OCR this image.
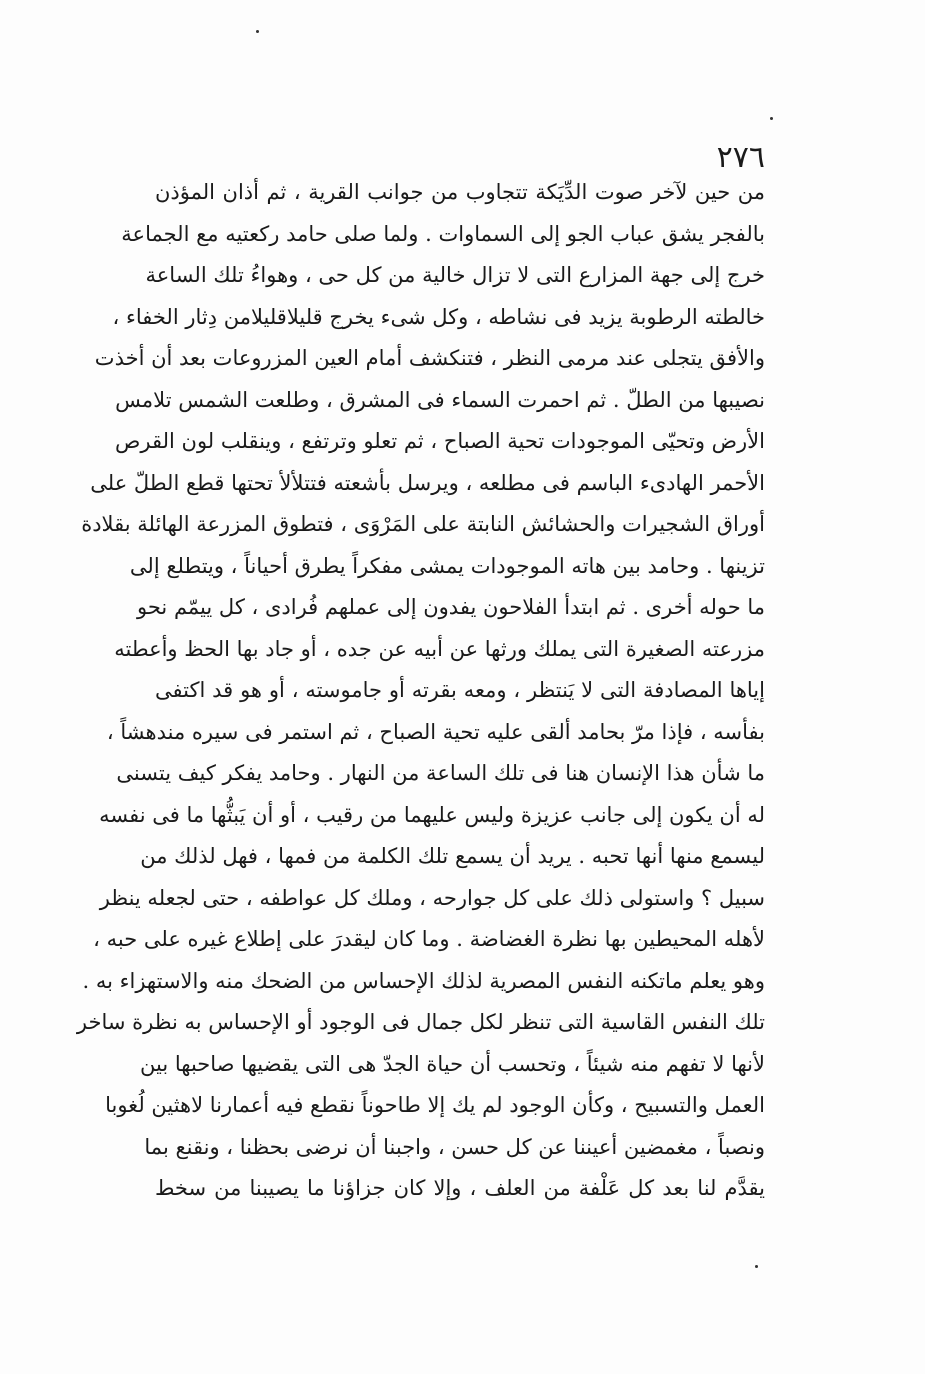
٢٧٦
من حين لآخر صوت الدِّيَكة تتجاوب من جوانب القرية ، ثم أذان المؤذن
بالفجر يشق عباب الجو إلى السماوات . ولما صلى حامد ركعتيه مع الجماعة
خرج إلى جهة المزارع التى لا تزال خالية من كل حى ، وهواءُ تلك الساعة
خالطته الرطوبة يزيد فى نشاطه ، وكل شىء يخرج قليلاقليلامن دِثار الخفاء ،
والأفق يتجلى عند مرمى النظر ، فتنكشف أمام العين المزروعات بعد أن أخذت
نصيبها من الطلّ . ثم احمرت السماء فى المشرق ، وطلعت الشمس تلامس
الأرض وتحيّى الموجودات تحية الصباح ، ثم تعلو وترتفع ، وينقلب لون القرص
الأحمر الهادىء الباسم فى مطلعه ، ويرسل بأشعته فتتلألأ تحتها قطع الطلّ على
أوراق الشجيرات والحشائش النابتة على المَرْوَى ، فتطوق المزرعة الهائلة بقلادة
تزينها . وحامد بين هاته الموجودات يمشى مفكراً يطرق أحياناً ، ويتطلع إلى
ما حوله أخرى . ثم ابتدأ الفلاحون يفدون إلى عملهم فُرادى ، كل ييمّم نحو
مزرعته الصغيرة التى يملك ورثها عن أبيه عن جده ، أو جاد بها الحظ وأعطته
إياها المصادفة التى لا يَنتظر ، ومعه بقرته أو جاموسته ، أو هو قد اكتفى
بفأسه ، فإذا مرّ بحامد ألقى عليه تحية الصباح ، ثم استمر فى سيره مندهشاً ،
ما شأن هذا الإنسان هنا فى تلك الساعة من النهار . وحامد يفكر كيف يتسنى
له أن يكون إلى جانب عزيزة وليس عليهما من رقيب ، أو أن يَبثُّها ما فى نفسه
ليسمع منها أنها تحبه . يريد أن يسمع تلك الكلمة من فمها ، فهل لذلك من
سبيل ؟ واستولى ذلك على كل جوارحه ، وملك كل عواطفه ، حتى لجعله ينظر
لأهله المحيطين بها نظرة الغضاضة . وما كان ليقدرَ على إطلاع غيره على حبه ،
وهو يعلم ماتكنه النفس المصرية لذلك الإحساس من الضحك منه والاستهزاء به .
تلك النفس القاسية التى تنظر لكل جمال فى الوجود أو الإحساس به نظرة ساخر
لأنها لا تفهم منه شيئاً ، وتحسب أن حياة الجدّ هى التى يقضيها صاحبها بين
العمل والتسبيح ، وكأن الوجود لم يك إلا طاحوناً نقطع فيه أعمارنا لاهثين لُغوبا
ونصباً ، مغمضين أعيننا عن كل حسن ، واجبنا أن نرضى بحظنا ، ونقنع بما
يقدَّم لنا بعد كل عَلْفة من العلف ، وإلا كان جزاؤنا ما يصيبنا من سخط
